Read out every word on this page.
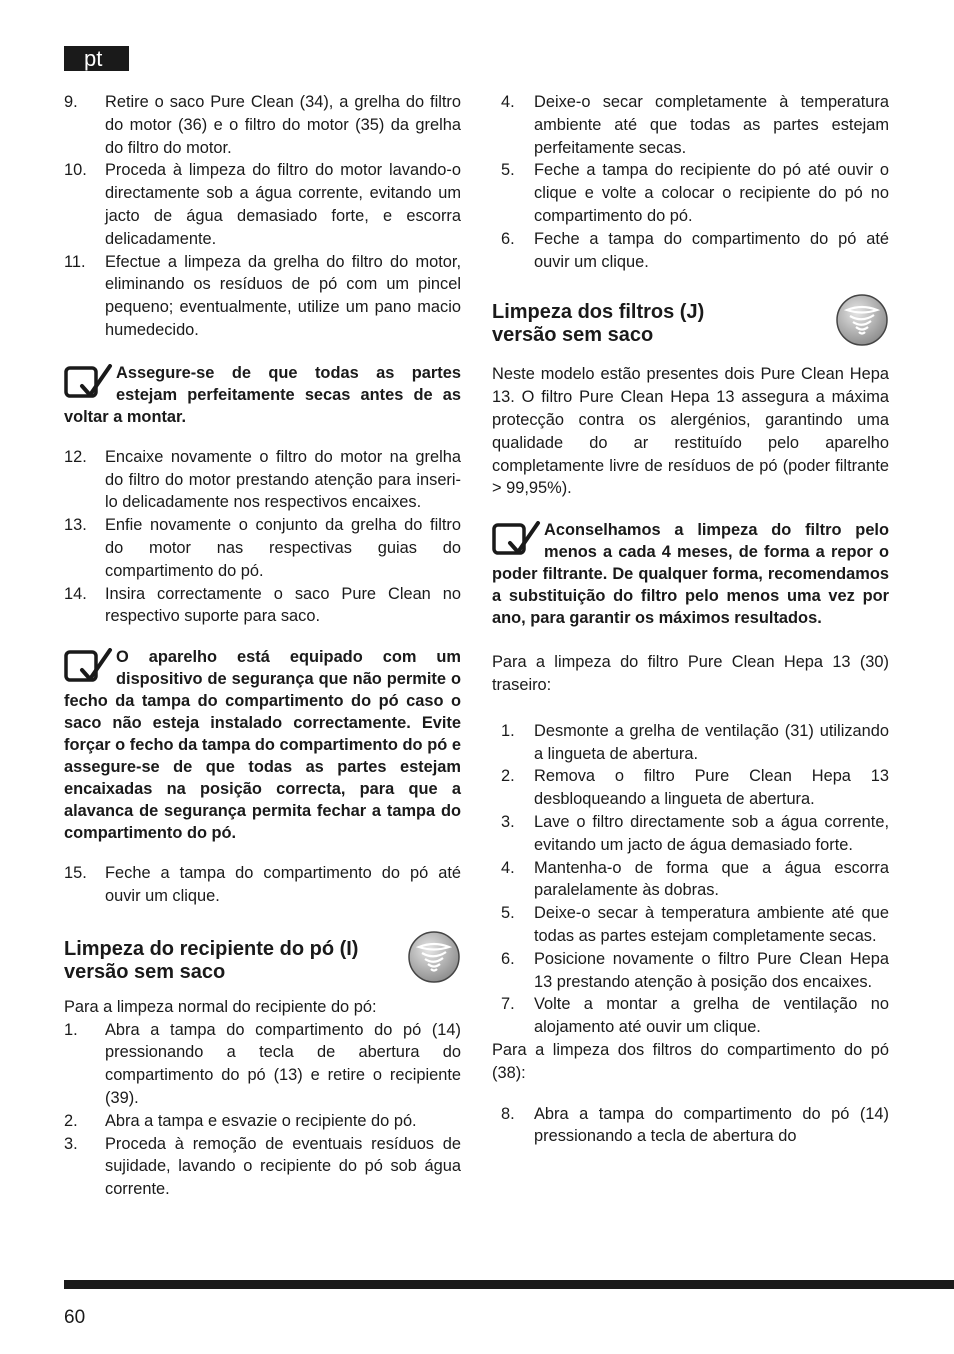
pt
9.	Retire o saco Pure Clean (34), a grelha do filtro do motor (36) e o filtro do motor (35) da grelha do filtro do motor.
10.	Proceda à limpeza do filtro do motor lavando-o directamente sob a água corrente, evitando um jacto de água demasiado forte, e escorra delicadamente.
11.	Efectue a limpeza da grelha do filtro do motor, eliminando os resíduos de pó com um pincel pequeno; eventualmente, utilize um pano macio humedecido.

Assegure-se de que todas as partes estejam perfeitamente secas antes de as voltar a montar.

12.	Encaixe novamente o filtro do motor na grelha do filtro do motor prestando atenção para inseri-lo delicadamente nos respectivos encaixes.
13.	Enfie novamente o conjunto da grelha do filtro do motor nas respectivas guias do compartimento do pó.
14.	Insira correctamente o saco Pure Clean no respectivo suporte para saco.

O aparelho está equipado com um dispositivo de segurança que não permite o fecho da tampa do compartimento do pó caso o saco não esteja instalado correctamente. Evite forçar o fecho da tampa do compartimento do pó e assegure-se de que todas as partes estejam encaixadas na posição correcta, para que a alavanca de segurança permita fechar a tampa do compartimento do pó.

15.	Feche a tampa do compartimento do pó até ouvir um clique.
Limpeza do recipiente do pó (I)
versão sem saco

Para a limpeza normal do recipiente do pó:

1.	Abra a tampa do compartimento do pó (14) pressionando a tecla de abertura do compartimento do pó (13) e retire o recipiente (39).
2.	Abra a tampa e esvazie o recipiente do pó.
3.	Proceda à remoção de eventuais resíduos de sujidade, lavando o recipiente do pó sob água corrente.
4.	Deixe-o secar completamente à temperatura ambiente até que todas as partes estejam perfeitamente secas.
5.	Feche a tampa do recipiente do pó até ouvir o clique e volte a colocar o recipiente do pó no compartimento do pó.
6.	Feche a tampa do compartimento do pó até ouvir um clique.
Limpeza dos filtros (J)
versão sem saco

Neste modelo estão presentes dois Pure Clean Hepa 13. O filtro Pure Clean Hepa 13 assegura a máxima protecção contra os alergénios, garantindo uma qualidade do ar restituído pelo aparelho completamente livre de resíduos de pó (poder filtrante > 99,95%).

Aconselhamos a limpeza do filtro pelo menos a cada 4 meses, de forma a repor o poder filtrante. De qualquer forma, recomendamos a substituição do filtro pelo menos uma vez por ano, para garantir os máximos resultados.

Para a limpeza do filtro Pure Clean Hepa 13 (30) traseiro:

1.	Desmonte a grelha de ventilação (31) utilizando a lingueta de abertura.
2.	Remova o filtro Pure Clean Hepa 13 desbloqueando a lingueta de abertura.
3.	Lave o filtro directamente sob a água corrente, evitando um jacto de água demasiado forte.
4.	Mantenha-o de forma que a água escorra paralelamente às dobras.
5.	Deixe-o secar à temperatura ambiente até que todas as partes estejam completamente secas.
6.	Posicione novamente o filtro Pure Clean Hepa 13 prestando atenção à posição dos encaixes.
7.	Volte a montar a grelha de ventilação no alojamento até ouvir um clique.

Para a limpeza dos filtros do compartimento do pó (38):

8.	Abra a tampa do compartimento do pó (14) pressionando a tecla de abertura do
60
